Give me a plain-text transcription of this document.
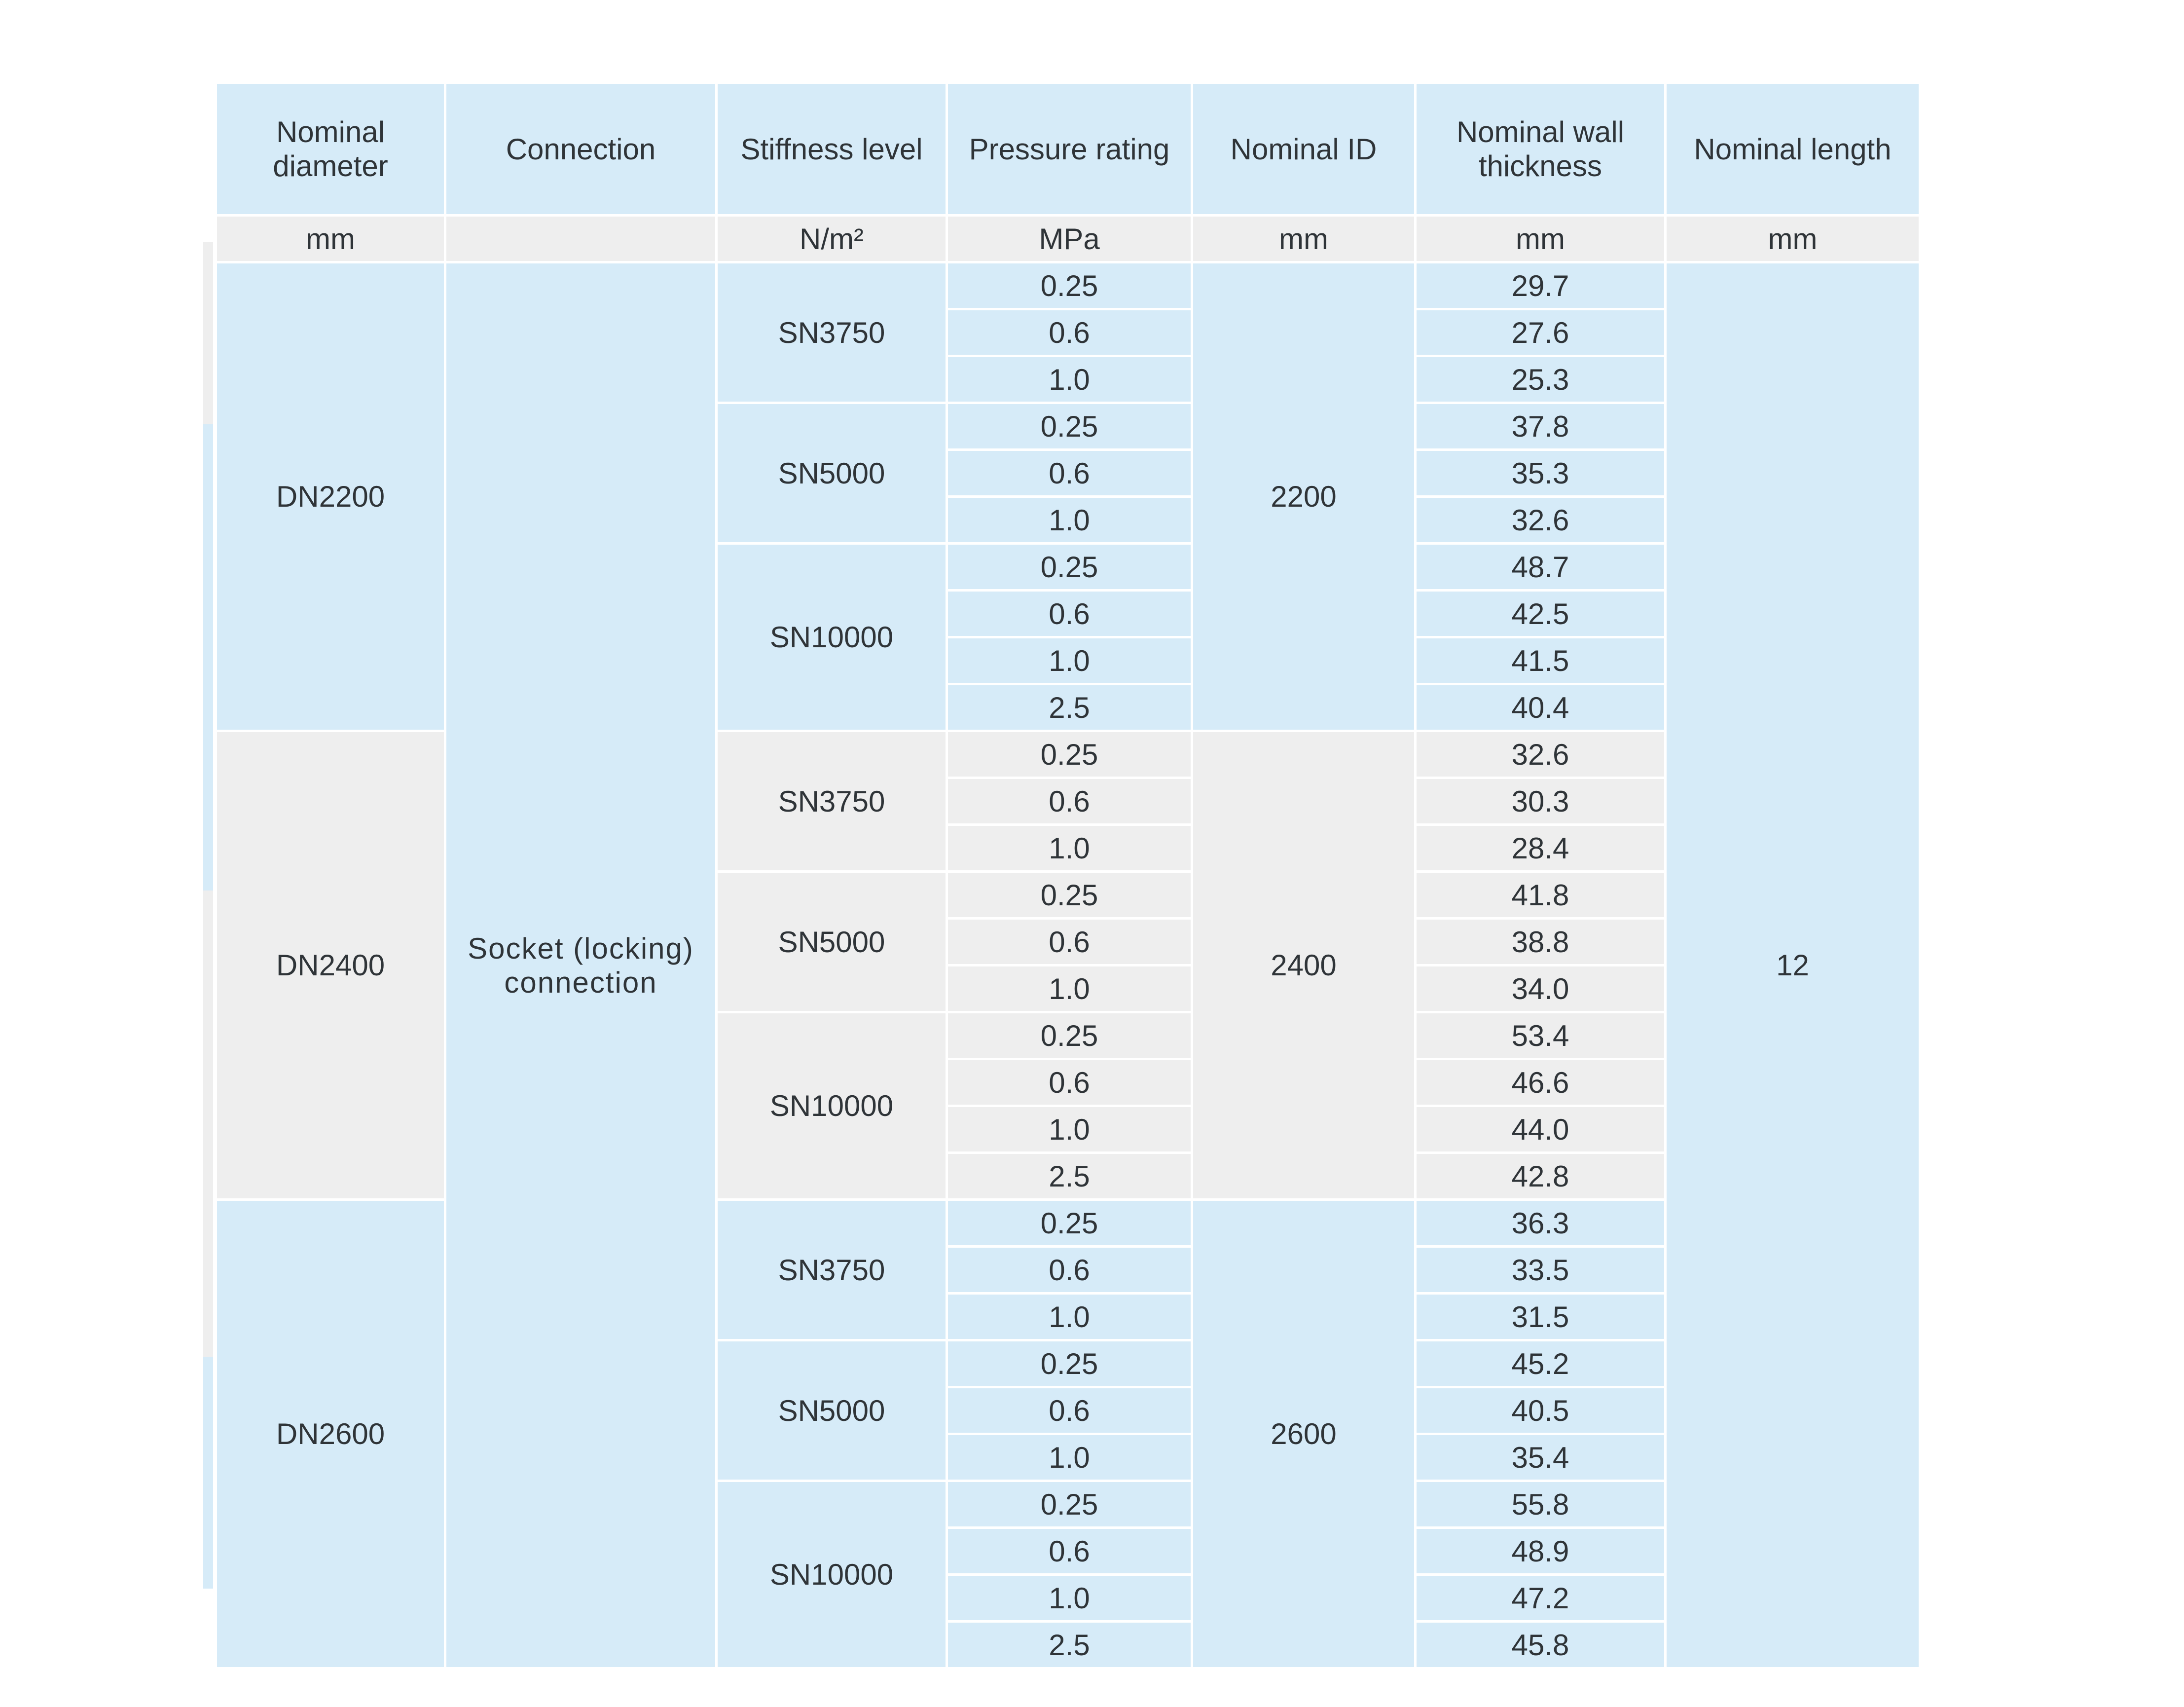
Nominal diameter	Connection	Stiffness level	Pressure rating	Nominal ID	Nominal wall thickness	Nominal length
mm		N/m²	MPa	mm	mm	mm
DN2200	Socket (locking) connection	SN3750	0.25	2200	29.7	12
			0.6		27.6	
			1.0		25.3	
		SN5000	0.25		37.8	
			0.6		35.3	
			1.0		32.6	
		SN10000	0.25		48.7	
			0.6		42.5	
			1.0		41.5	
			2.5		40.4	
DN2400		SN3750	0.25	2400	32.6	
			0.6		30.3	
			1.0		28.4	
		SN5000	0.25		41.8	
			0.6		38.8	
			1.0		34.0	
		SN10000	0.25		53.4	
			0.6		46.6	
			1.0		44.0	
			2.5		42.8	
DN2600		SN3750	0.25	2600	36.3	
			0.6		33.5	
			1.0		31.5	
		SN5000	0.25		45.2	
			0.6		40.5	
			1.0		35.4	
		SN10000	0.25		55.8	
			0.6		48.9	
			1.0		47.2	
			2.5		45.8	
